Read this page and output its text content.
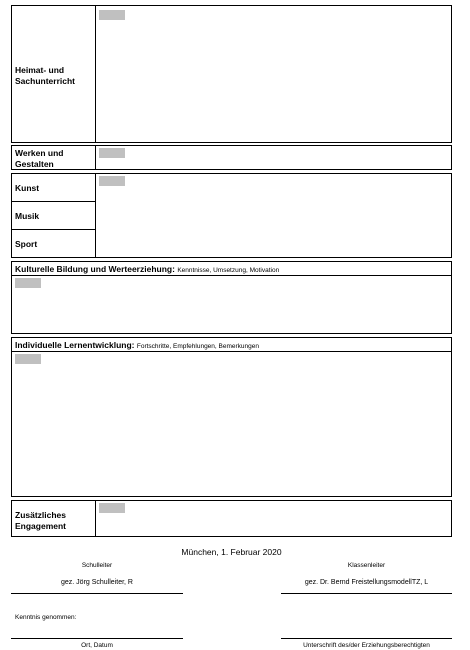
Heimat- und
Sachunterricht
Werken und
Gestalten
Kunst
Musik
Sport
Kulturelle Bildung und Werteerziehung: Kenntnisse, Umsetzung, Motivation
Individuelle Lernentwicklung: Fortschritte, Empfehlungen, Bemerkungen
Zusätzliches
Engagement
München, 1. Februar 2020
Schulleiter
gez. Jörg Schulleiter, R
Klassenleiter
gez. Dr. Bernd FreistellungsmodellTZ, L
Kenntnis genommen:
Ort, Datum	Unterschrift des/der Erziehungsberechtigten
